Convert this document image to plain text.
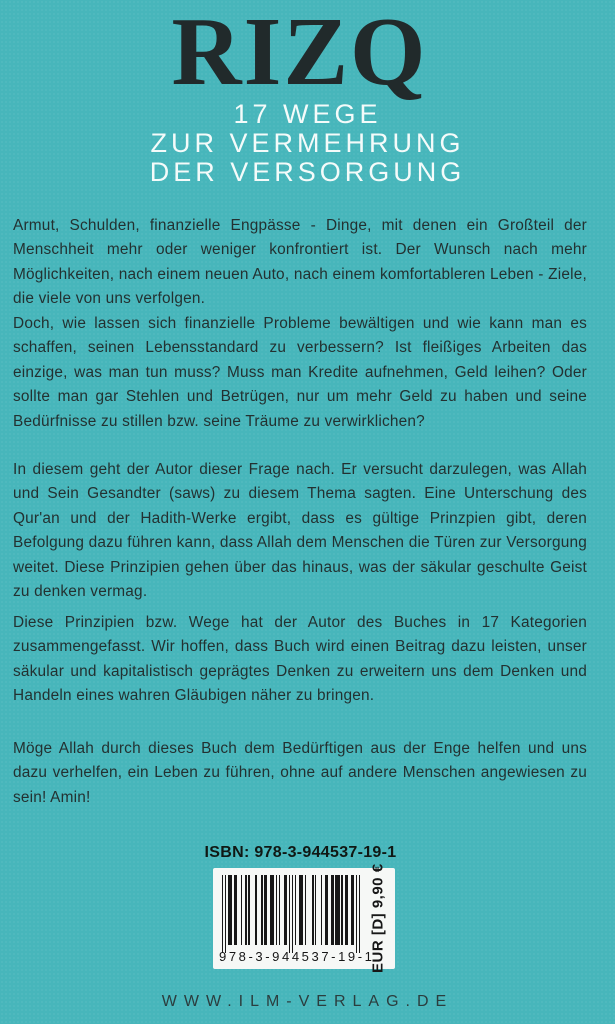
RIZQ
17 WEGE
ZUR VERMEHRUNG
DER VERSORGUNG

Armut, Schulden, finanzielle Engpässe - Dinge, mit denen ein Großteil der Menschheit mehr oder weniger konfrontiert ist. Der Wunsch nach mehr Möglichkeiten, nach einem neuen Auto, nach einem komfortableren Leben - Ziele, die viele von uns verfolgen.

Doch, wie lassen sich finanzielle Probleme bewältigen und wie kann man es schaffen, seinen Lebensstandard zu verbessern? Ist fleißiges Arbeiten das einzige, was man tun muss? Muss man Kredite aufnehmen, Geld leihen? Oder sollte man gar Stehlen und Betrügen, nur um mehr Geld zu haben und seine Bedürfnisse zu stillen bzw. seine Träume zu verwirklichen?

In diesem geht der Autor dieser Frage nach. Er versucht darzulegen, was Allah und Sein Gesandter (saws) zu diesem Thema sagten. Eine Unterschung des Qur'an und der Hadith-Werke ergibt, dass es gültige Prinzpien gibt, deren Befolgung dazu führen kann, dass Allah dem Menschen die Türen zur Versorgung weitet. Diese Prinzipien gehen über das hinaus, was der säkular geschulte Geist zu denken vermag.

Diese Prinzipien bzw. Wege hat der Autor des Buches in 17 Kategorien zusammengefasst. Wir hoffen, dass Buch wird einen Beitrag dazu leisten, unser säkular und kapitalistisch geprägtes Denken zu erweitern uns dem Denken und Handeln eines wahren Gläubigen näher zu bringen.

Möge Allah durch dieses Buch dem Bedürftigen aus der Enge helfen und uns dazu verhelfen, ein Leben zu führen, ohne auf andere Menschen angewiesen zu sein! Amin!

ISBN: 978-3-944537-19-1
978-3-944537-19-1
EUR [D] 9,90 €
WWW.ILM-VERLAG.DE
